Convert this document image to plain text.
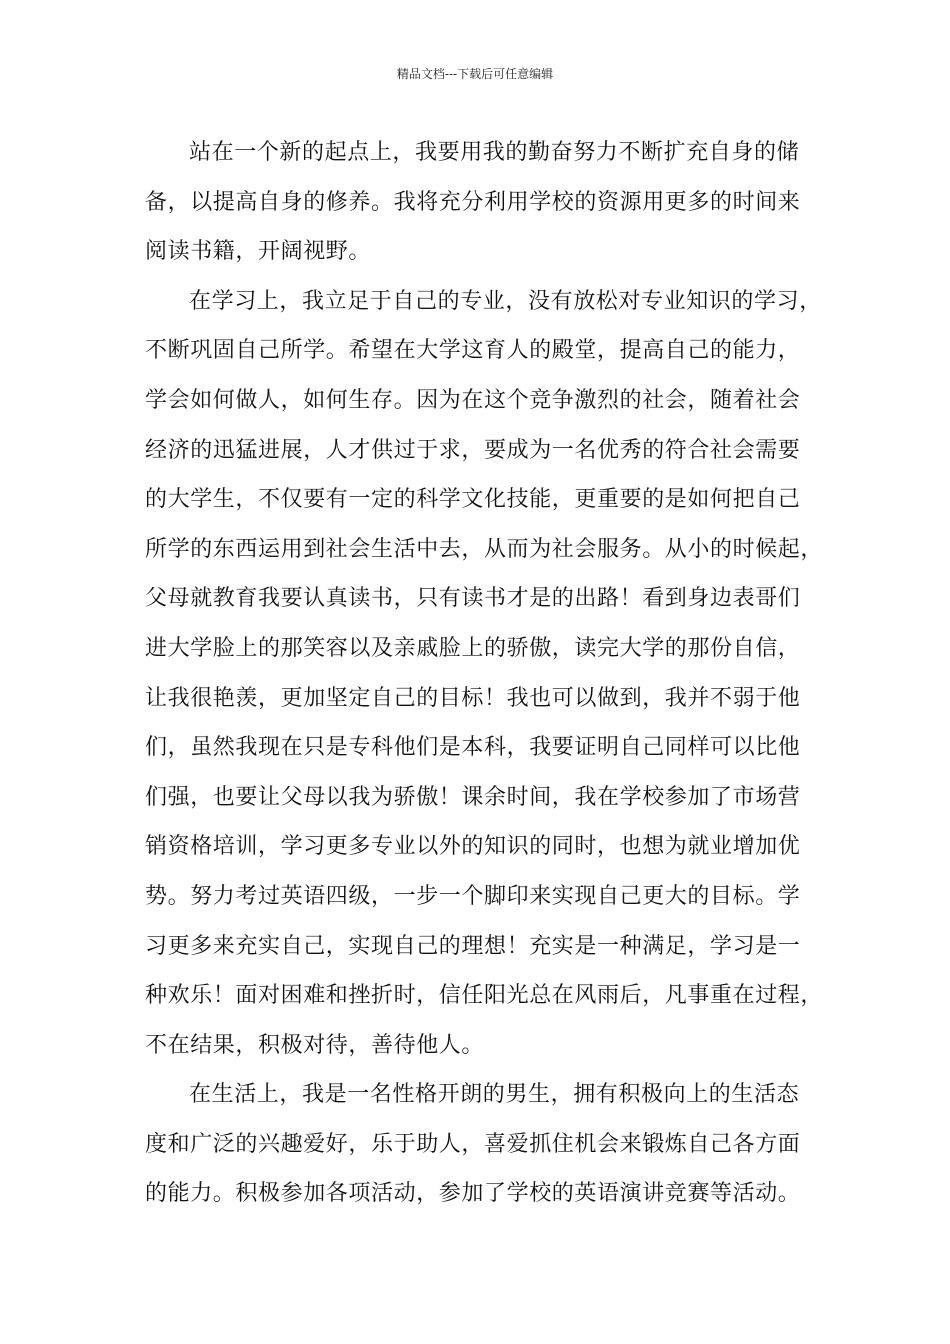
精品文档---下载后可任意编辑
站在一个新的起点上，我要用我的勤奋努力不断扩充自身的储
备，以提高自身的修养。我将充分利用学校的资源用更多的时间来
阅读书籍，开阔视野。
在学习上，我立足于自己的专业，没有放松对专业知识的学习，
不断巩固自己所学。希望在大学这育人的殿堂，提高自己的能力，
学会如何做人，如何生存。因为在这个竞争激烈的社会，随着社会
经济的迅猛进展，人才供过于求，要成为一名优秀的符合社会需要
的大学生，不仅要有一定的科学文化技能，更重要的是如何把自己
所学的东西运用到社会生活中去，从而为社会服务。从小的时候起，
父母就教育我要认真读书，只有读书才是的出路！看到身边表哥们
进大学脸上的那笑容以及亲戚脸上的骄傲，读完大学的那份自信，
让我很艳羡，更加坚定自己的目标！我也可以做到，我并不弱于他
们，虽然我现在只是专科他们是本科，我要证明自己同样可以比他
们强，也要让父母以我为骄傲！课余时间，我在学校参加了市场营
销资格培训，学习更多专业以外的知识的同时，也想为就业增加优
势。努力考过英语四级，一步一个脚印来实现自己更大的目标。学
习更多来充实自己，实现自己的理想！充实是一种满足，学习是一
种欢乐！面对困难和挫折时，信任阳光总在风雨后，凡事重在过程，
不在结果，积极对待，善待他人。
在生活上，我是一名性格开朗的男生，拥有积极向上的生活态
度和广泛的兴趣爱好，乐于助人，喜爱抓住机会来锻炼自己各方面
的能力。积极参加各项活动，参加了学校的英语演讲竞赛等活动。
